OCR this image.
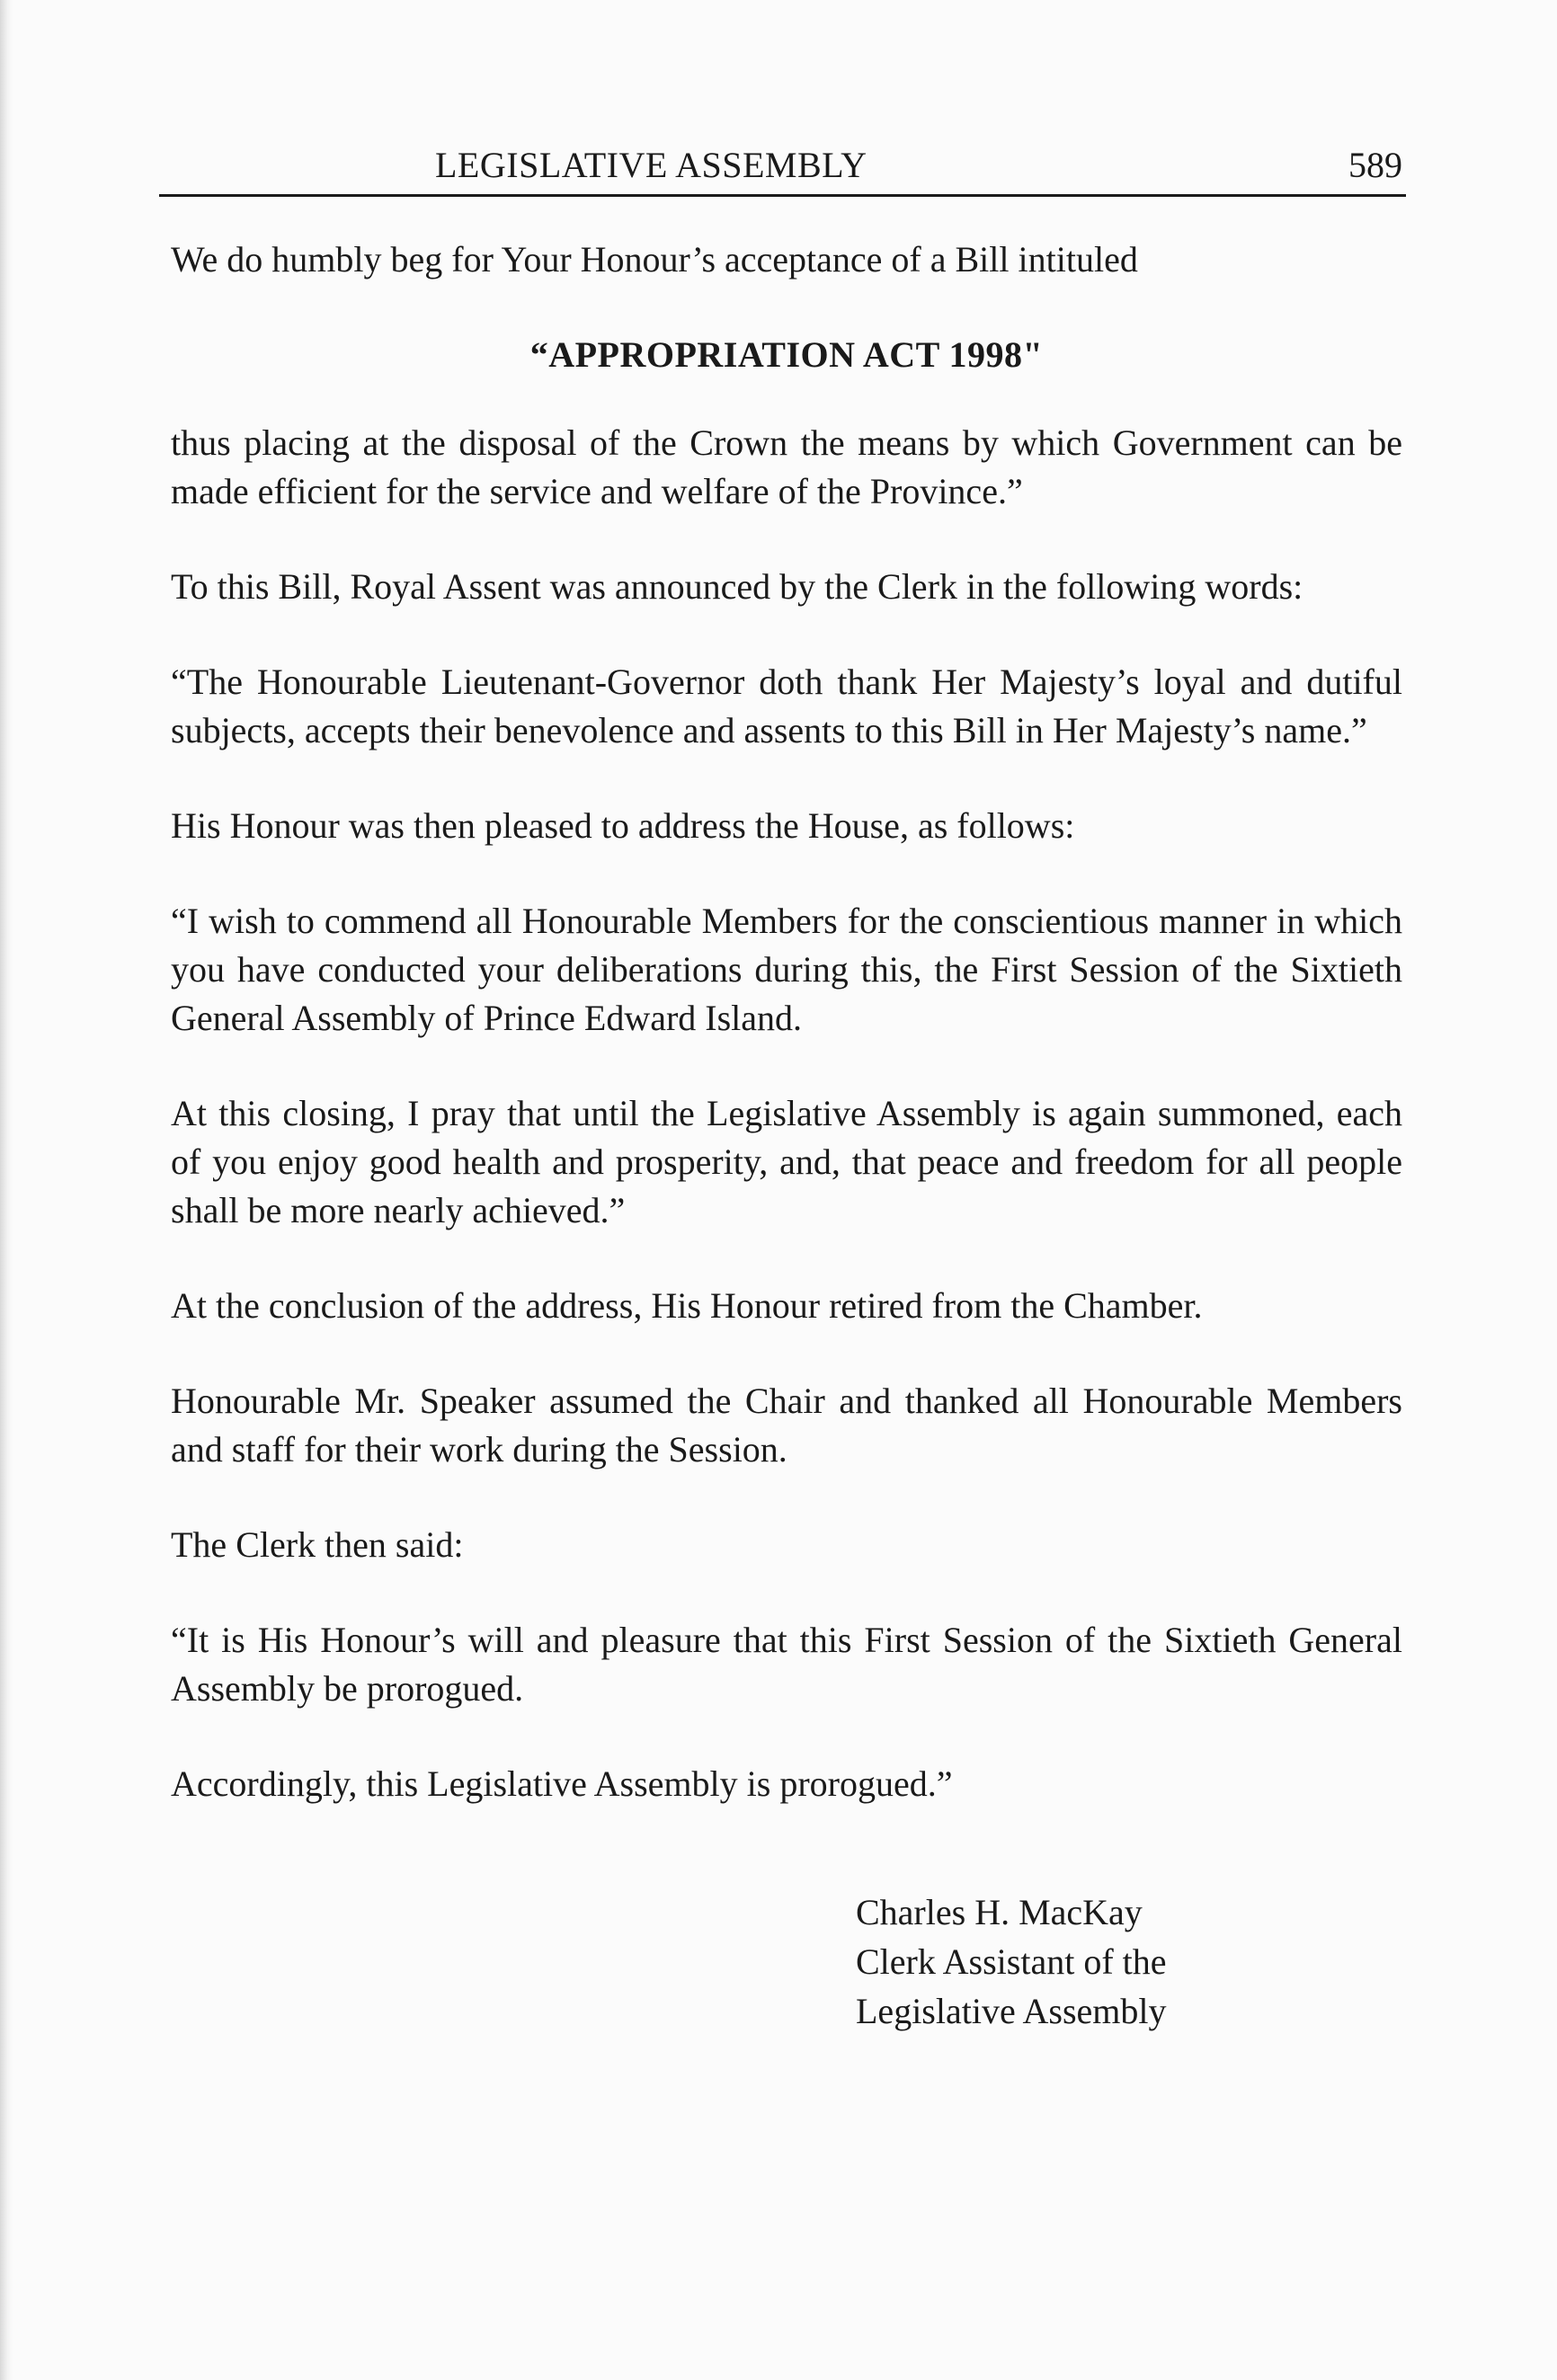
LEGISLATIVE ASSEMBLY	589

We do humbly beg for Your Honour’s acceptance of a Bill intituled

“APPROPRIATION ACT 1998"

thus placing at the disposal of the Crown the means by which Government can be made efficient for the service and welfare of the Province.”

To this Bill, Royal Assent was announced by the Clerk in the following words:

“The Honourable Lieutenant-Governor doth thank Her Majesty’s loyal and dutiful subjects, accepts their benevolence and assents to this Bill in Her Majesty’s name.”

His Honour was then pleased to address the House, as follows:

“I wish to commend all Honourable Members for the conscientious manner in which you have conducted your deliberations during this, the First Session of the Sixtieth General Assembly of Prince Edward Island.

At this closing, I pray that until the Legislative Assembly is again summoned, each of you enjoy good health and prosperity, and, that peace and freedom for all people shall be more nearly achieved.”

At the conclusion of the address, His Honour retired from the Chamber.

Honourable Mr. Speaker assumed the Chair and thanked all Honourable Members and staff for their work during the Session.

The Clerk then said:

“It is His Honour’s will and pleasure that this First Session of the Sixtieth General Assembly be prorogued.

Accordingly, this Legislative Assembly is prorogued.”

Charles H. MacKay
Clerk Assistant of the
Legislative Assembly
